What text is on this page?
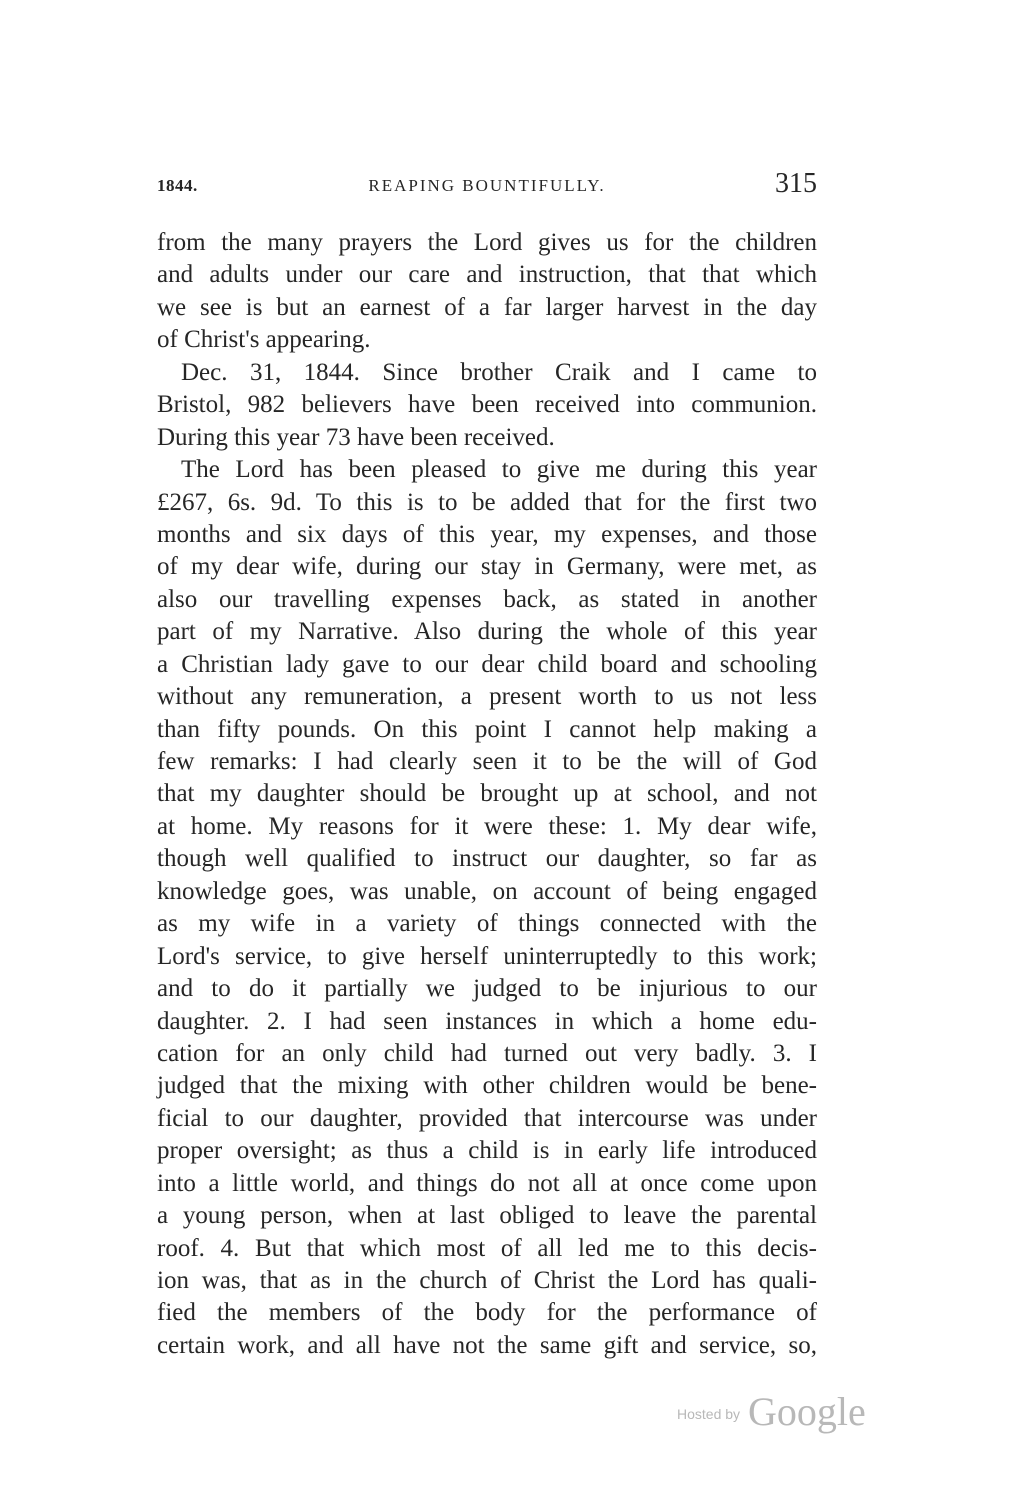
1844.	REAPING BOUNTIFULLY.	315
from the many prayers the Lord gives us for the children
and adults under our care and instruction, that that which
we see is but an earnest of a far larger harvest in the day
of Christ's appearing.
Dec. 31, 1844. Since brother Craik and I came to
Bristol, 982 believers have been received into communion.
During this year 73 have been received.
The Lord has been pleased to give me during this year
£267, 6s. 9d. To this is to be added that for the first two
months and six days of this year, my expenses, and those
of my dear wife, during our stay in Germany, were met, as
also our travelling expenses back, as stated in another
part of my Narrative. Also during the whole of this year
a Christian lady gave to our dear child board and schooling
without any remuneration, a present worth to us not less
than fifty pounds. On this point I cannot help making a
few remarks: I had clearly seen it to be the will of God
that my daughter should be brought up at school, and not
at home. My reasons for it were these: 1. My dear wife,
though well qualified to instruct our daughter, so far as
knowledge goes, was unable, on account of being engaged
as my wife in a variety of things connected with the
Lord's service, to give herself uninterruptedly to this work;
and to do it partially we judged to be injurious to our
daughter. 2. I had seen instances in which a home edu-
cation for an only child had turned out very badly. 3. I
judged that the mixing with other children would be bene-
ficial to our daughter, provided that intercourse was under
proper oversight; as thus a child is in early life introduced
into a little world, and things do not all at once come upon
a young person, when at last obliged to leave the parental
roof. 4. But that which most of all led me to this decis-
ion was, that as in the church of Christ the Lord has quali-
fied the members of the body for the performance of
certain work, and all have not the same gift and service, so,
Hosted by Google
